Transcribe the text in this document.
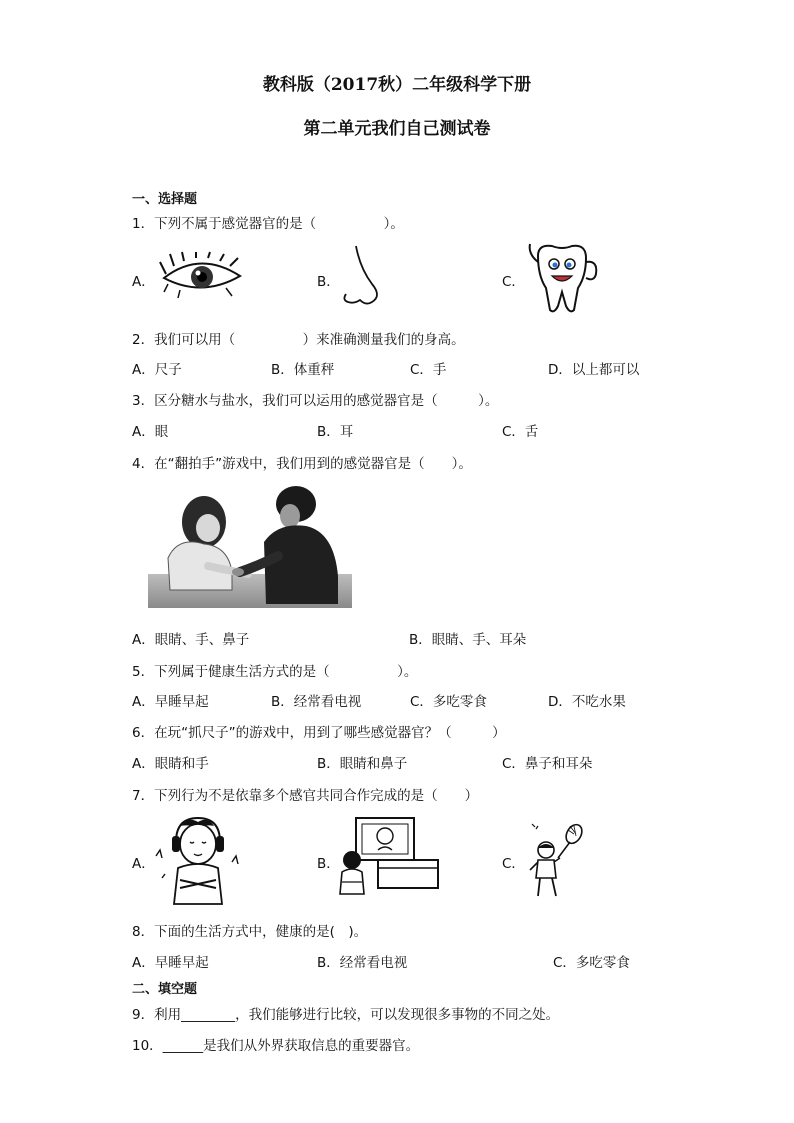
教科版（2017秋）二年级科学下册
第二单元我们自己测试卷
一、选择题
1．下列不属于感觉器官的是（　　　　　）。
A．	B．	C．
2．我们可以用（　　　　　）来准确测量我们的身高。
A．尺子	B．体重秤	C．手	D．以上都可以
3．区分糖水与盐水，我们可以运用的感觉器官是（　　　）。
A．眼	B．耳	C．舌
4．在“翻拍手”游戏中，我们用到的感觉器官是（　　）。
A．眼睛、手、鼻子	B．眼睛、手、耳朵
5．下列属于健康生活方式的是（　　　　　）。
A．早睡早起	B．经常看电视	C．多吃零食	D．不吃水果
6．在玩“抓尺子”的游戏中，用到了哪些感觉器官？（　　　）
A．眼睛和手	B．眼睛和鼻子	C．鼻子和耳朵
7．下列行为不是依靠多个感官共同合作完成的是（　　）
A．	B．	C．
8．下面的生活方式中，健康的是(　)。
A．早睡早起	B．经常看电视	C．多吃零食
二、填空题
9．利用________，我们能够进行比较，可以发现很多事物的不同之处。
10．______是我们从外界获取信息的重要器官。
